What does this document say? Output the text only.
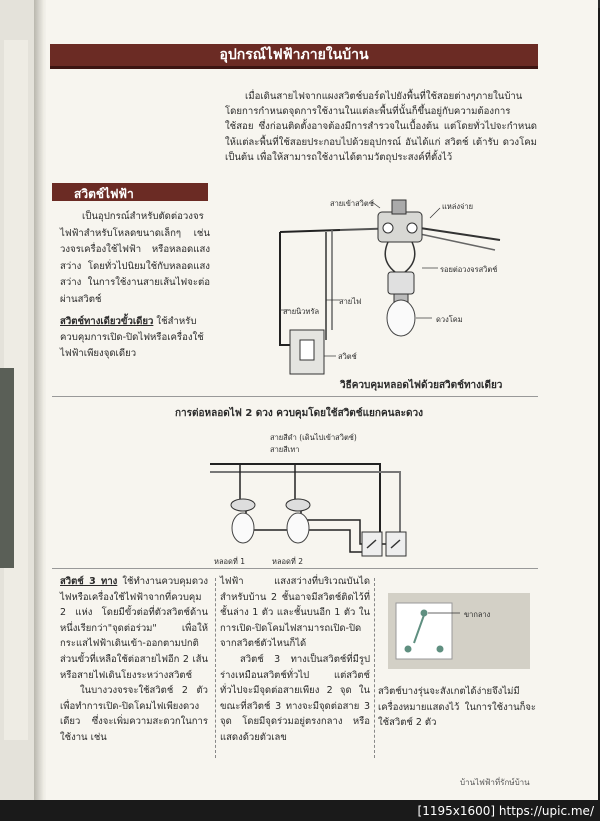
อุปกรณ์ไฟฟ้าภายในบ้าน
เมื่อเดินสายไฟจากแผงสวิตช์บอร์ดไปยังพื้นที่ใช้สอยต่างๆภายในบ้าน โดยการกำหนดจุดการใช้งานในแต่ละพื้นที่นั้นก็ขึ้นอยู่กับความต้องการใช้สอย ซึ่งก่อนติดตั้งอาจต้องมีการสำรวจในเบื้องต้น แต่โดยทั่วไปจะกำหนดให้แต่ละพื้นที่ใช้สอยประกอบไปด้วยอุปกรณ์ อันได้แก่ สวิตช์ เต้ารับ ดวงโคม เป็นต้น เพื่อให้สามารถใช้งานได้ตามวัตถุประสงค์ที่ตั้งไว้
สวิตช์ไฟฟ้า
เป็นอุปกรณ์สำหรับตัดต่อวงจรไฟฟ้าสำหรับโหลดขนาดเล็กๆ เช่น วงจรเครื่องใช้ไฟฟ้า หรือหลอดแสงสว่าง โดยทั่วไปนิยมใช้กับหลอดแสงสว่าง ในการใช้งานสายเส้นไฟจะต่อผ่านสวิตช์
สวิตช์ทางเดียวขั้วเดียว ใช้สำหรับควบคุมการเปิด-ปิดไฟหรือเครื่องใช้ไฟฟ้าเพียงจุดเดียว
สายเข้าสวิตช์	แหล่งจ่าย
รอยต่อวงจรสวิตช์
สายไฟ
สายนิวทรัล
ดวงโคม
สวิตช์
วิธีควบคุมหลอดไฟด้วยสวิตช์ทางเดียว
การต่อหลอดไฟ 2 ดวง ควบคุมโดยใช้สวิตช์แยกคนละดวง
สายสีดำ (เดินไปเข้าสวิตช์)
สายสีเทา
หลอดที่ 1	หลอดที่ 2
สวิตช์ 3 ทาง ใช้ทำงานควบคุมดวงไฟหรือเครื่องใช้ไฟฟ้าจากที่ควบคุม 2 แห่ง โดยมีขั้วต่อที่ตัวสวิตช์ด้านหนึ่งเรียกว่า"จุดต่อร่วม" เพื่อให้กระแสไฟฟ้าเดินเข้า-ออกตามปกติ ส่วนขั้วที่เหลือใช้ต่อสายไฟอีก 2 เส้น หรือสายไฟเดินโยงระหว่างสวิตช์
ในบางวงจรจะใช้สวิตช์ 2 ตัวเพื่อทำการเปิด-ปิดโคมไฟเพียงดวงเดียว ซึ่งจะเพิ่มความสะดวกในการใช้งาน เช่น
ไฟฟ้า แสงสว่างที่บริเวณบันได สำหรับบ้าน 2 ชั้นอาจมีสวิตช์ติดไว้ที่ชั้นล่าง 1 ตัว และชั้นบนอีก 1 ตัว ในการเปิด-ปิดโคมไฟสามารถเปิด-ปิดจากสวิตช์ตัวไหนก็ได้
สวิตช์ 3 ทางเป็นสวิตช์ที่มีรูปร่างเหมือนสวิตช์ทั่วไป แต่สวิตช์ทั่วไปจะมีจุดต่อสายเพียง 2 จุด ในขณะที่สวิตช์ 3 ทางจะมีจุดต่อสาย 3 จุด โดยมีจุดร่วมอยู่ตรงกลาง หรือแสดงด้วยตัวเลข
ขากลาง
สวิตช์บางรุ่นจะสังเกตได้ง่ายจึงไม่มีเครื่องหมายแสดงไว้ ในการใช้งานก็จะใช้สวิตช์ 2 ตัว
บ้านไฟฟ้าที่รักษ์บ้าน
[1195x1600] https://upic.me/
